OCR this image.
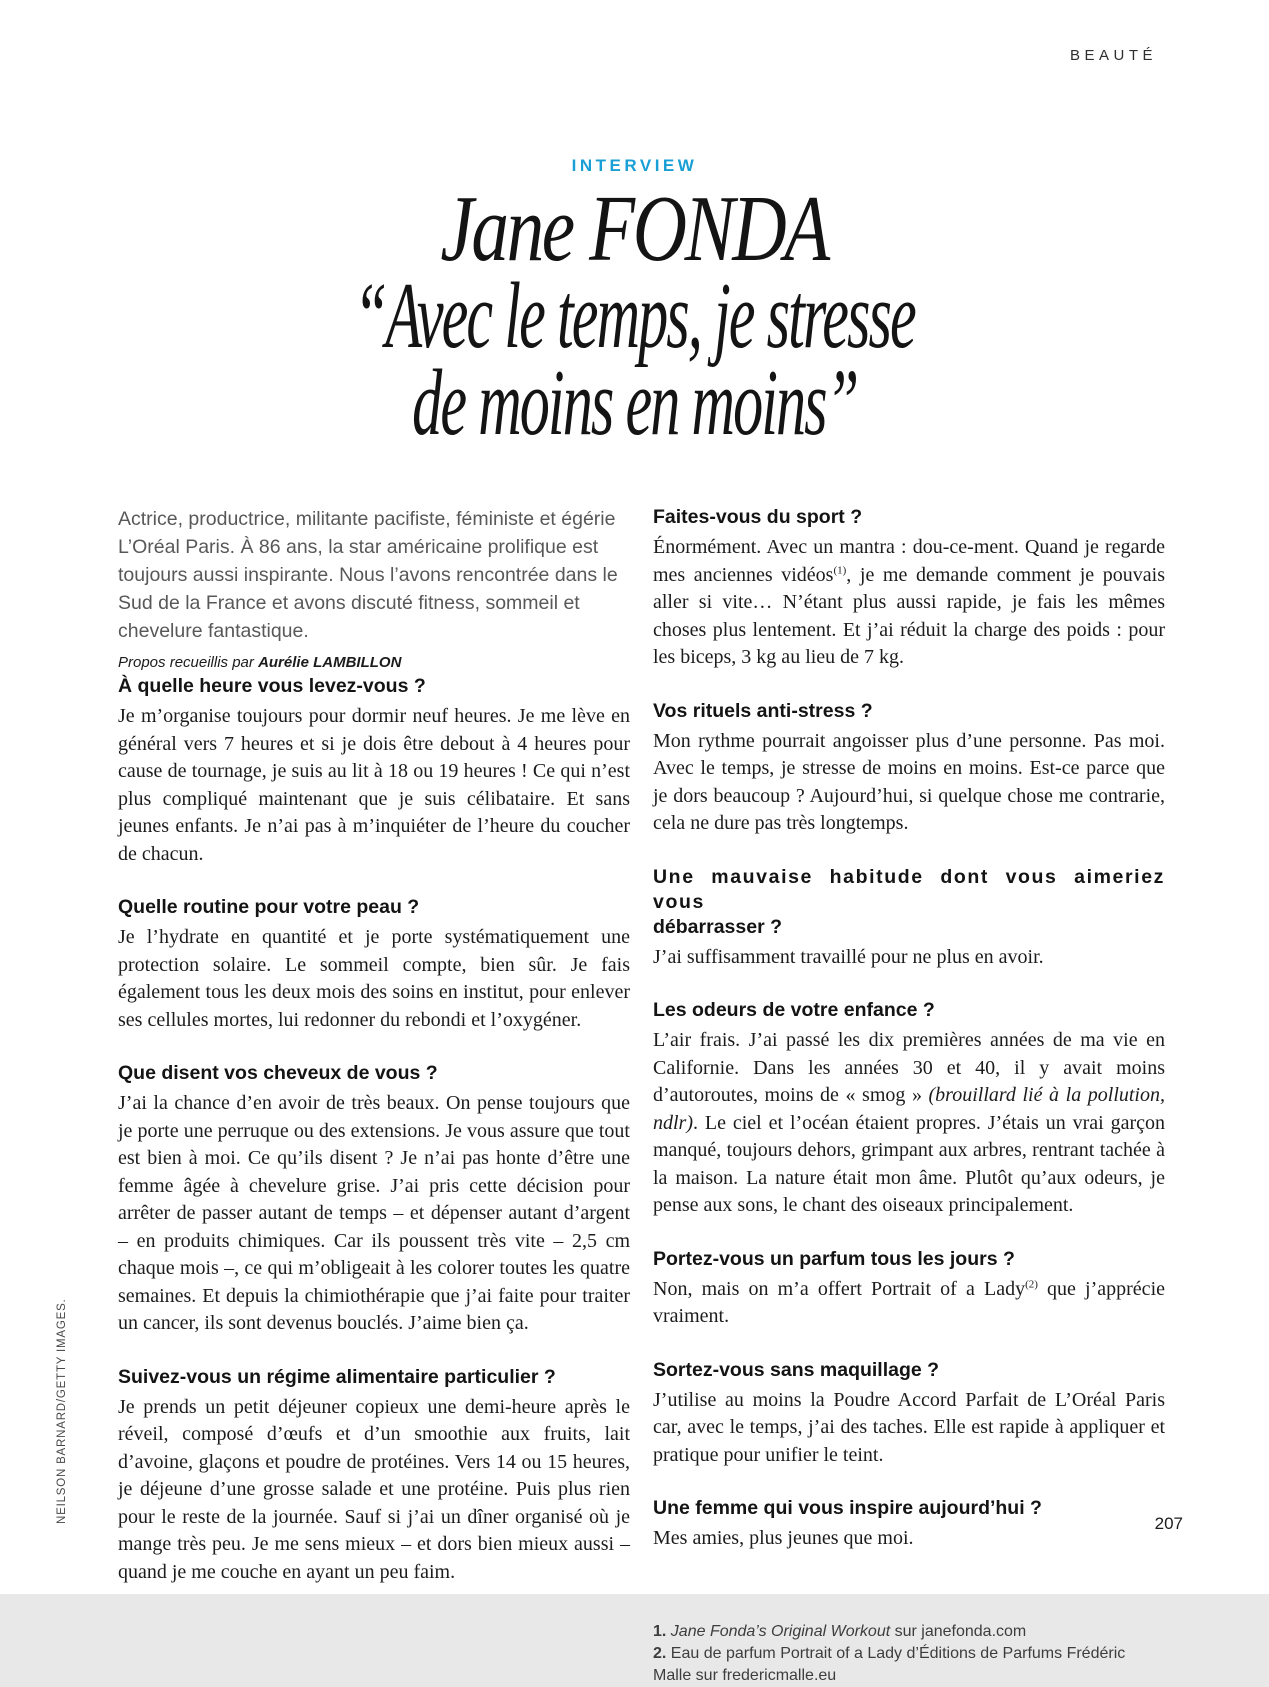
BEAUTÉ
INTERVIEW
Jane FONDA
“Avec le temps, je stresse
de moins en moins”

Actrice, productrice, militante pacifiste, féministe et égérie L’Oréal Paris. À 86 ans, la star américaine prolifique est toujours aussi inspirante. Nous l’avons rencontrée dans le Sud de la France et avons discuté fitness, sommeil et chevelure fantastique.

Propos recueillis par Aurélie LAMBILLON
À quelle heure vous levez-vous ?

Je m’organise toujours pour dormir neuf heures. Je me lève en général vers 7 heures et si je dois être debout à 4 heures pour cause de tournage, je suis au lit à 18 ou 19 heures ! Ce qui n’est plus compliqué maintenant que je suis célibataire. Et sans jeunes enfants. Je n’ai pas à m’inquiéter de l’heure du coucher de chacun.

Quelle routine pour votre peau ?

Je l’hydrate en quantité et je porte systématiquement une protection solaire. Le sommeil compte, bien sûr. Je fais également tous les deux mois des soins en institut, pour enlever ses cellules mortes, lui redonner du rebondi et l’oxygéner.

Que disent vos cheveux de vous ?

J’ai la chance d’en avoir de très beaux. On pense toujours que je porte une perruque ou des extensions. Je vous assure que tout est bien à moi. Ce qu’ils disent ? Je n’ai pas honte d’être une femme âgée à chevelure grise. J’ai pris cette décision pour arrêter de passer autant de temps – et dépenser autant d’argent – en produits chimiques. Car ils poussent très vite – 2,5 cm chaque mois –, ce qui m’obligeait à les colorer toutes les quatre semaines. Et depuis la chimiothérapie que j’ai faite pour traiter un cancer, ils sont devenus bouclés. J’aime bien ça.

Suivez-vous un régime alimentaire particulier ?

Je prends un petit déjeuner copieux une demi-heure après le réveil, composé d’œufs et d’un smoothie aux fruits, lait d’avoine, glaçons et poudre de protéines. Vers 14 ou 15 heures, je déjeune d’une grosse salade et une protéine. Puis plus rien pour le reste de la journée. Sauf si j’ai un dîner organisé où je mange très peu. Je me sens mieux – et dors bien mieux aussi – quand je me couche en ayant un peu faim.

Faites-vous du sport ?

Énormément. Avec un mantra : dou-ce-ment. Quand je regarde mes anciennes vidéos$^{(1)}$, je me demande comment je pouvais aller si vite… N’étant plus aussi rapide, je fais les mêmes choses plus lentement. Et j’ai réduit la charge des poids : pour les biceps, 3 kg au lieu de 7 kg.

Vos rituels anti-stress ?

Mon rythme pourrait angoisser plus d’une personne. Pas moi. Avec le temps, je stresse de moins en moins. Est-ce parce que je dors beaucoup ? Aujourd’hui, si quelque chose me contrarie, cela ne dure pas très longtemps.

Une mauvaise habitude dont vous aimeriez vous
débarrasser ?

J’ai suffisamment travaillé pour ne plus en avoir.

Les odeurs de votre enfance ?

L’air frais. J’ai passé les dix premières années de ma vie en Californie. Dans les années 30 et 40, il y avait moins d’autoroutes, moins de « smog » (brouillard lié à la pollution, ndlr). Le ciel et l’océan étaient propres. J’étais un vrai garçon manqué, toujours dehors, grimpant aux arbres, rentrant tachée à la maison. La nature était mon âme. Plutôt qu’aux odeurs, je pense aux sons, le chant des oiseaux principalement.

Portez-vous un parfum tous les jours ?

Non, mais on m’a offert Portrait of a Lady$^{(2)}$ que j’apprécie vraiment.

Sortez-vous sans maquillage ?

J’utilise au moins la Poudre Accord Parfait de L’Oréal Paris car, avec le temps, j’ai des taches. Elle est rapide à appliquer et pratique pour unifier le teint.

Une femme qui vous inspire aujourd’hui ?

Mes amies, plus jeunes que moi.

1. Jane Fonda’s Original Workout sur janefonda.com

2. Eau de parfum Portrait of a Lady d’Éditions de Parfums Frédéric Malle sur fredericmalle.eu

NEILSON BARNARD/GETTY IMAGES.	207
